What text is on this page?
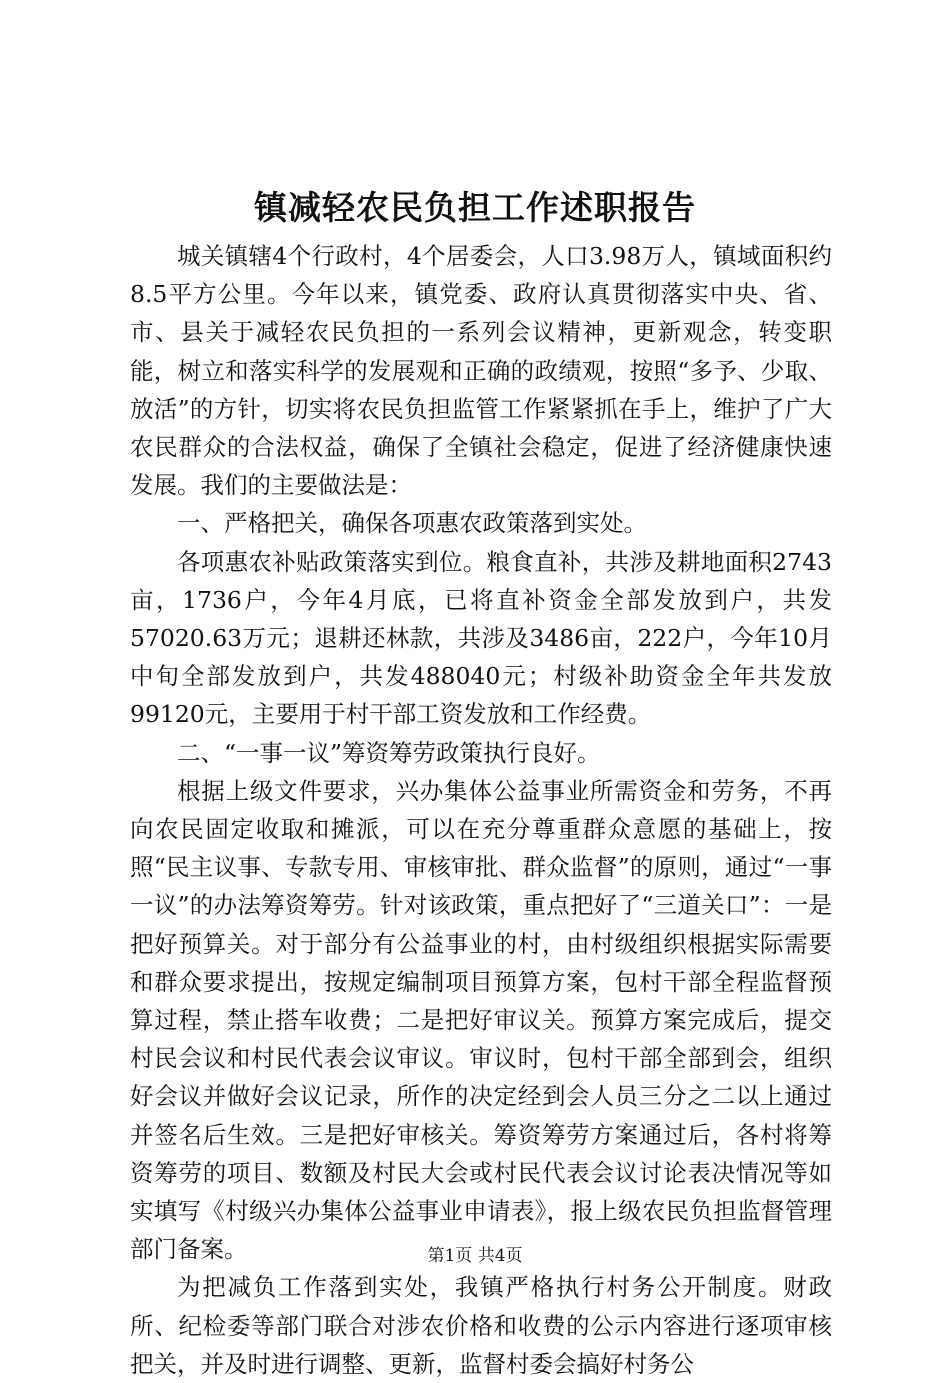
镇减轻农民负担工作述职报告

城关镇辖4个行政村，4个居委会，人口3.98万人，镇域面积约8.5平方公里。今年以来，镇党委、政府认真贯彻落实中央、省、市、县关于减轻农民负担的一系列会议精神，更新观念，转变职能，树立和落实科学的发展观和正确的政绩观，按照“多予、少取、放活”的方针，切实将农民负担监管工作紧紧抓在手上，维护了广大农民群众的合法权益，确保了全镇社会稳定，促进了经济健康快速发展。我们的主要做法是：

一、严格把关，确保各项惠农政策落到实处。

各项惠农补贴政策落实到位。粮食直补，共涉及耕地面积2743亩，1736户，今年4月底，已将直补资金全部发放到户，共发57020.63万元；退耕还林款，共涉及3486亩，222户，今年10月中旬全部发放到户，共发488040元；村级补助资金全年共发放99120元，主要用于村干部工资发放和工作经费。

二、“一事一议”筹资筹劳政策执行良好。

根据上级文件要求，兴办集体公益事业所需资金和劳务，不再向农民固定收取和摊派，可以在充分尊重群众意愿的基础上，按照“民主议事、专款专用、审核审批、群众监督”的原则，通过“一事一议”的办法筹资筹劳。针对该政策，重点把好了“三道关口”：一是把好预算关。对于部分有公益事业的村，由村级组织根据实际需要和群众要求提出，按规定编制项目预算方案，包村干部全程监督预算过程，禁止搭车收费；二是把好审议关。预算方案完成后，提交村民会议和村民代表会议审议。审议时，包村干部全部到会，组织好会议并做好会议记录，所作的决定经到会人员三分之二以上通过并签名后生效。三是把好审核关。筹资筹劳方案通过后，各村将筹资筹劳的项目、数额及村民大会或村民代表会议讨论表决情况等如实填写《村级兴办集体公益事业申请表》，报上级农民负担监督管理部门备案。

为把减负工作落到实处，我镇严格执行村务公开制度。财政所、纪检委等部门联合对涉农价格和收费的公示内容进行逐项审核把关，并及时进行调整、更新，监督村委会搞好村务公

第1页 共4页
